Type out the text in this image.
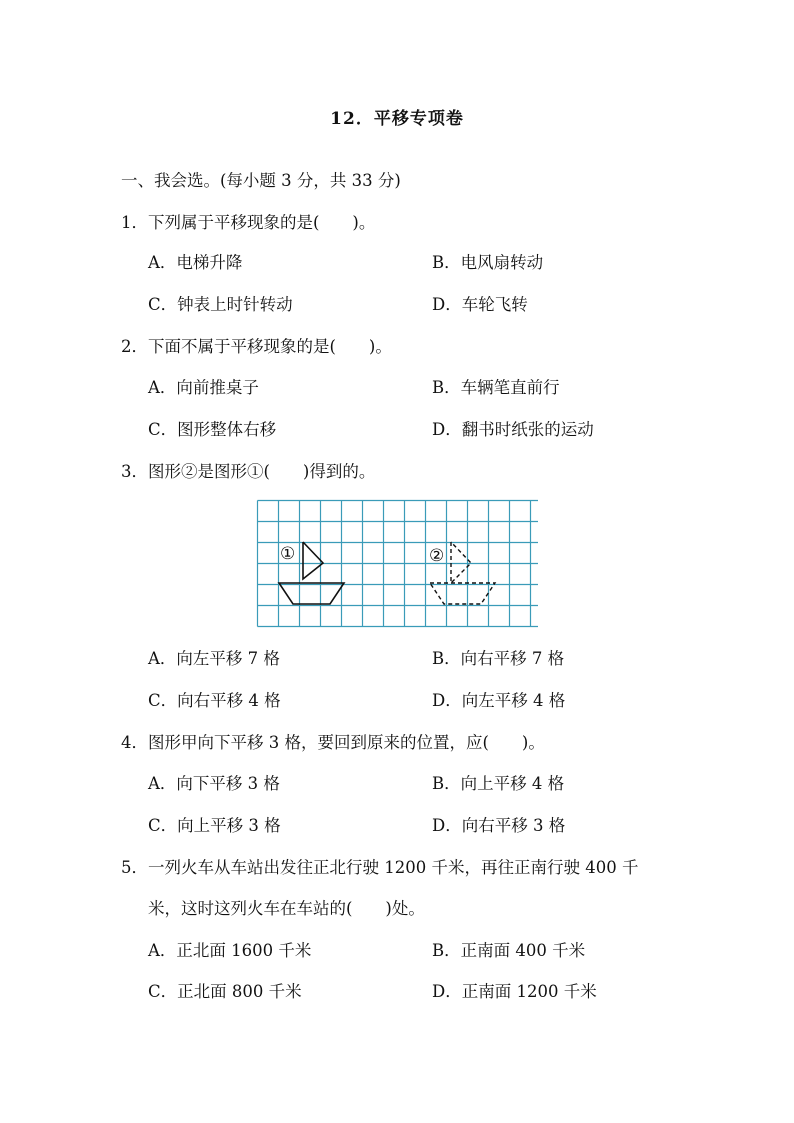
12．平移专项卷
一、我会选。(每小题 3 分，共 33 分)
1．下列属于平移现象的是(　　)。
A．电梯升降	B．电风扇转动
C．钟表上时针转动	D．车轮飞转
2．下面不属于平移现象的是(　　)。
A．向前推桌子	B．车辆笔直前行
C．图形整体右移	D．翻书时纸张的运动
3．图形②是图形①(　　)得到的。
①	②
A．向左平移 7 格	B．向右平移 7 格
C．向右平移 4 格	D．向左平移 4 格
4．图形甲向下平移 3 格，要回到原来的位置，应(　　)。
A．向下平移 3 格	B．向上平移 4 格
C．向上平移 3 格	D．向右平移 3 格
5．一列火车从车站出发往正北行驶 1200 千米，再往正南行驶 400 千
米，这时这列火车在车站的(　　)处。
A．正北面 1600 千米	B．正南面 400 千米
C．正北面 800 千米	D．正南面 1200 千米
